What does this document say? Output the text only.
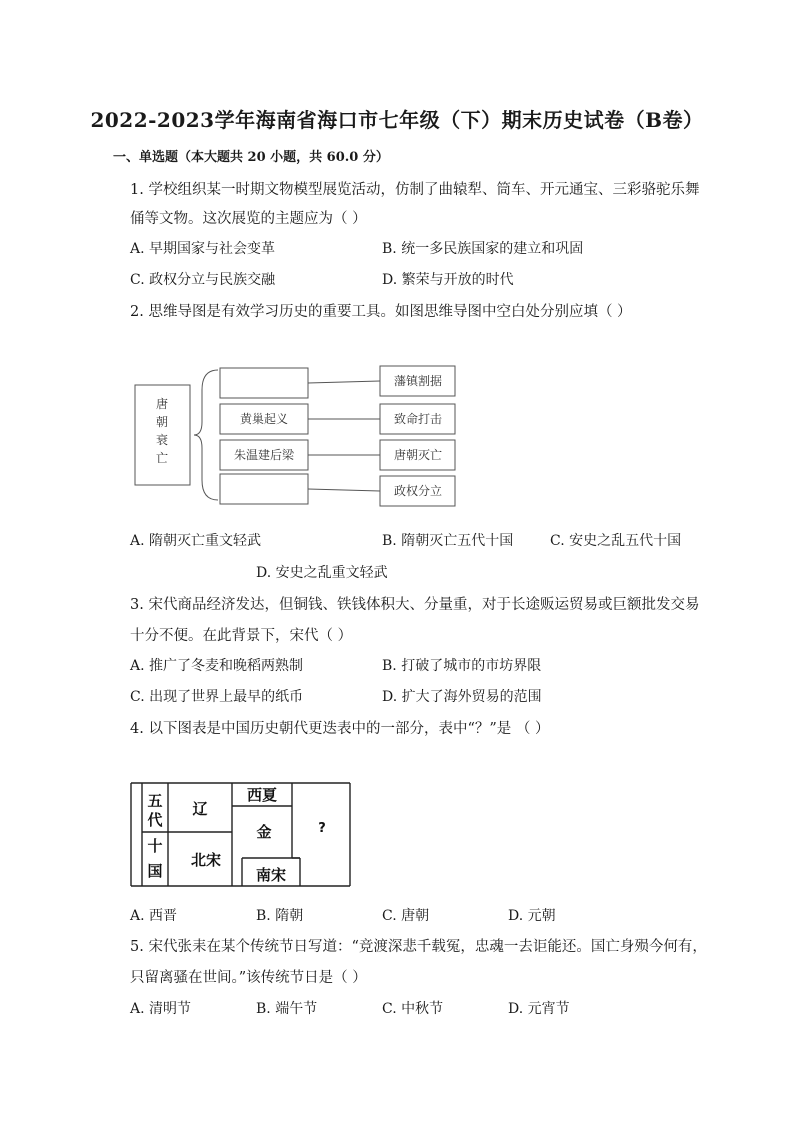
2022-2023学年海南省海口市七年级（下）期末历史试卷（B卷）
一、单选题（本大题共 20 小题，共 60.0 分）
1. 学校组织某一时期文物模型展览活动，仿制了曲辕犁、筒车、开元通宝、三彩骆驼乐舞
俑等文物。这次展览的主题应为（ ）
A. 早期国家与社会变革	B. 统一多民族国家的建立和巩固
C. 政权分立与民族交融	D. 繁荣与开放的时代
2. 思维导图是有效学习历史的重要工具。如图思维导图中空白处分别应填（ ）
唐
朝
衰
亡
黄巢起义
朱温建后梁
藩镇割据
致命打击
唐朝灭亡
政权分立
A. 隋朝灭亡重文轻武	B. 隋朝灭亡五代十国	C. 安史之乱五代十国
D. 安史之乱重文轻武
3. 宋代商品经济发达，但铜钱、铁钱体积大、分量重，对于长途贩运贸易或巨额批发交易
十分不便。在此背景下，宋代（ ）
A. 推广了冬麦和晚稻两熟制	B. 打破了城市的市坊界限
C. 出现了世界上最早的纸币	D. 扩大了海外贸易的范围
4. 以下图表是中国历史朝代更迭表中的一部分，表中“？”是 （ ）
五
代
十
国
辽
西夏
金
北宋
南宋
?
A. 西晋	B. 隋朝	C. 唐朝	D. 元朝
5. 宋代张耒在某个传统节日写道：“竞渡深悲千载冤，忠魂一去讵能还。国亡身殒今何有，
只留离骚在世间。”该传统节日是（ ）
A. 清明节	B. 端午节	C. 中秋节	D. 元宵节
